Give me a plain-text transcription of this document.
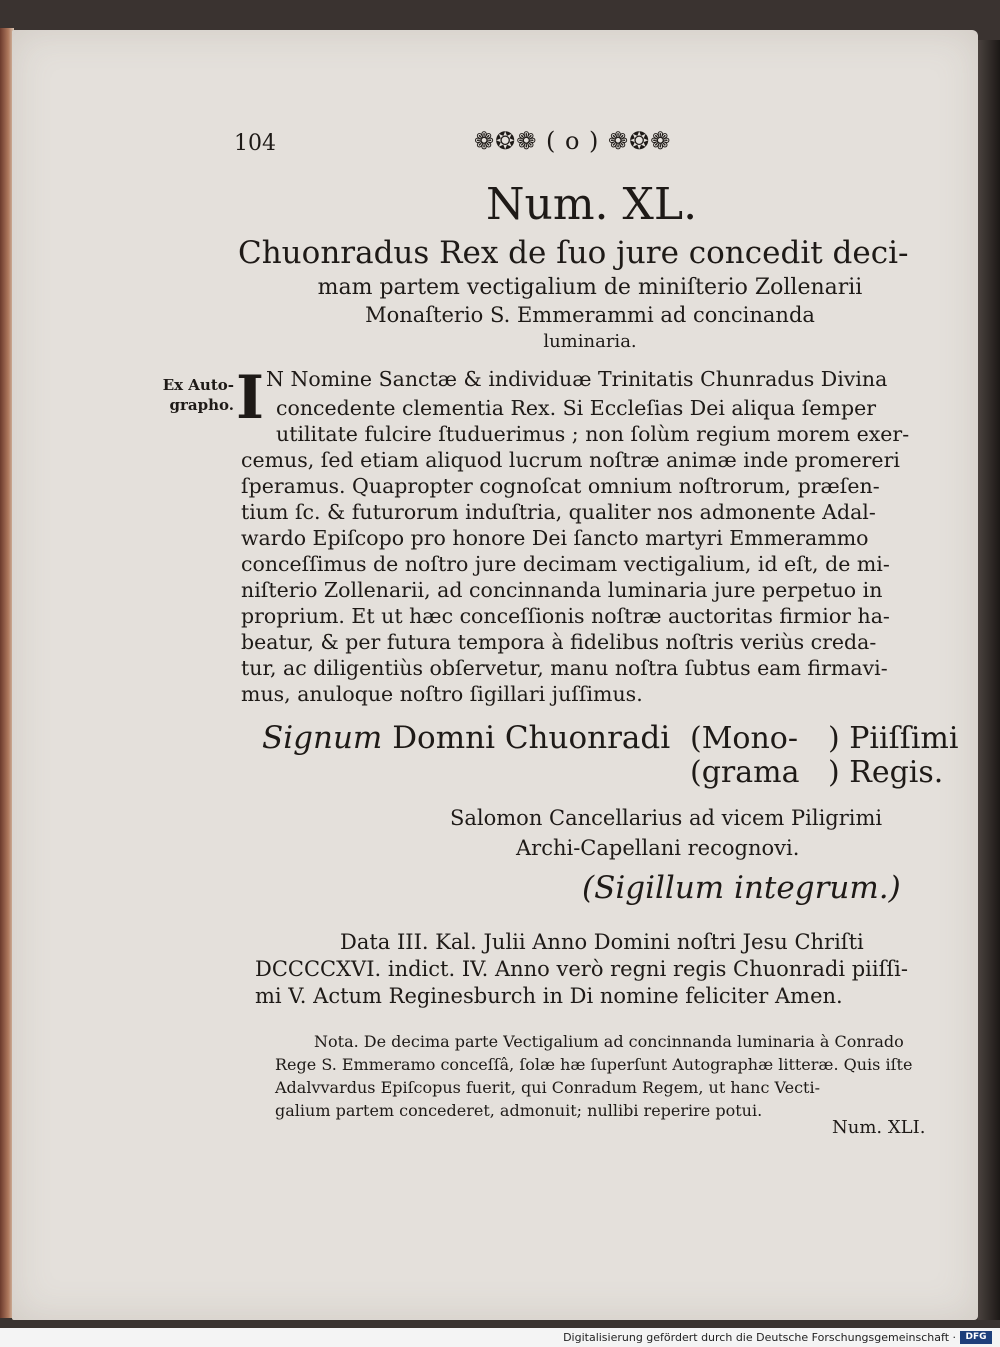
104	❁❂❁ ( o ) ❁❂❁
Num. XL.
Chuonradus Rex de ſuo jure concedit deci-
mam partem vectigalium de miniſterio Zollenarii
Monaſterio S. Emmerammi ad concinanda
luminaria.
Ex Auto-
grapho. I N Nomine Sanctæ & individuæ Trinitatis Chunradus Divina
concedente clementia Rex. Si Eccleſias Dei aliqua ſemper
utilitate fulcire ſtuduerimus ; non ſolùm regium morem exer-
cemus, ſed etiam aliquod lucrum noſtræ animæ inde promereri
ſperamus. Quapropter cognoſcat omnium noſtrorum, præſen-
tium ſc. & futurorum induſtria, qualiter nos admonente Adal-
wardo Epiſcopo pro honore Dei ſancto martyri Emmerammo
conceſſimus de noſtro jure decimam vectigalium, id eſt, de mi-
niſterio Zollenarii, ad concinnanda luminaria jure perpetuo in
proprium. Et ut hæc conceſſionis noſtræ auctoritas firmior ha-
beatur, & per futura tempora à fidelibus noſtris veriùs creda-
tur, ac diligentiùs obſervetur, manu noſtra ſubtus eam firmavi-
mus, anuloque noſtro ſigillari juſſimus.
Signum Domni Chuonradi (Mono-
(grama
) Piiſſimi
) Regis.
Salomon Cancellarius ad vicem Piligrimi
Archi-Capellani recognovi.
(Sigillum integrum.)
Data III. Kal. Julii Anno Domini noſtri Jesu Chriſti
DCCCCXVI. indict. IV. Anno verò regni regis Chuonradi piiſſi-
mi V. Actum Reginesburch in Di nomine feliciter Amen.
Nota. De decima parte Vectigalium ad concinnanda luminaria à Conrado
Rege S. Emmeramo conceſſâ, ſolæ hæ ſuperſunt Autographæ litteræ. Quis iſte
Adalvvardus Epiſcopus fuerit, qui Conradum Regem, ut hanc Vecti-
galium partem concederet, admonuit; nullibi reperire potui.
Num. XLI.
Digitalisierung gefördert durch die Deutsche Forschungsgemeinschaft ·	DFG
